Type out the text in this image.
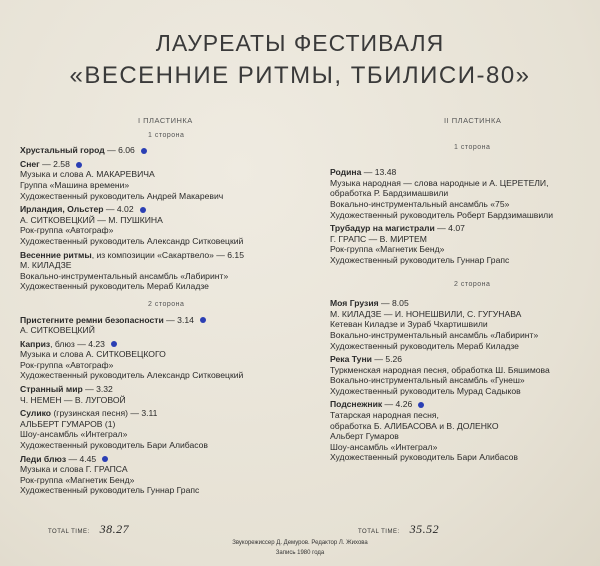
ЛАУРЕАТЫ ФЕСТИВАЛЯ
«ВЕСЕННИЕ РИТМЫ, ТБИЛИСИ-80»
I ПЛАСТИНКА
1 сторона
Хрустальный город — 6.06
Снег — 2.58
Музыка и слова А. МАКАРЕВИЧА
Группа «Машина времени»
Художественный руководитель Андрей Макаревич
Ирландия, Ольстер — 4.02
А. СИТКОВЕЦКИЙ — М. ПУШКИНА
Рок-группа «Автограф»
Художественный руководитель Александр Ситковецкий
Весенние ритмы, из композиции «Сакартвело» — 6.15
М. КИЛАДЗЕ
Вокально-инструментальный ансамбль «Лабиринт»
Художественный руководитель Мераб Киладзе
2 сторона
Пристегните ремни безопасности — 3.14
А. СИТКОВЕЦКИЙ
Каприз, блюз — 4.23
Музыка и слова А. СИТКОВЕЦКОГО
Рок-группа «Автограф»
Художественный руководитель Александр Ситковецкий
Странный мир — 3.32
Ч. НЕМЕН — В. ЛУГОВОЙ
Сулико (грузинская песня) — 3.11
АЛЬБЕРТ ГУМАРОВ (1)
Шоу-ансамбль «Интеграл»
Художественный руководитель Бари Алибасов
Леди блюз — 4.45
Музыка и слова Г. ГРАПСА
Рок-группа «Магнетик Бенд»
Художественный руководитель Гуннар Грапс
II ПЛАСТИНКА
1 сторона
Родина — 13.48
Музыка народная — слова народные и А. ЦЕРЕТЕЛИ,
обработка Р. Бардзимашвили
Вокально-инструментальный ансамбль «75»
Художественный руководитель Роберт Бардзимашвили
Трубадур на магистрали — 4.07
Г. ГРАПС — В. МИРТЕМ
Рок-группа «Магнетик Бенд»
Художественный руководитель Гуннар Грапс
2 сторона
Моя Грузия — 8.05
М. КИЛАДЗЕ — И. НОНЕШВИЛИ, С. ГУГУНАВА
Кетеван Киладзе и Зураб Чхартишвили
Вокально-инструментальный ансамбль «Лабиринт»
Художественный руководитель Мераб Киладзе
Река Туни — 5.26
Туркменская народная песня, обработка Ш. Бяшимова
Вокально-инструментальный ансамбль «Гунеш»
Художественный руководитель Мурад Садыков
Подснежник — 4.26
Татарская народная песня,
обработка Б. АЛИБАСОВА и В. ДОЛЕНКО
Альберт Гумаров
Шоу-ансамбль «Интеграл»
Художественный руководитель Бари Алибасов
TOTAL TIME: 38.27	TOTAL TIME: 35.52
Звукорежиссер Д. Демуров. Редактор Л. Жихова
Запись 1980 года
